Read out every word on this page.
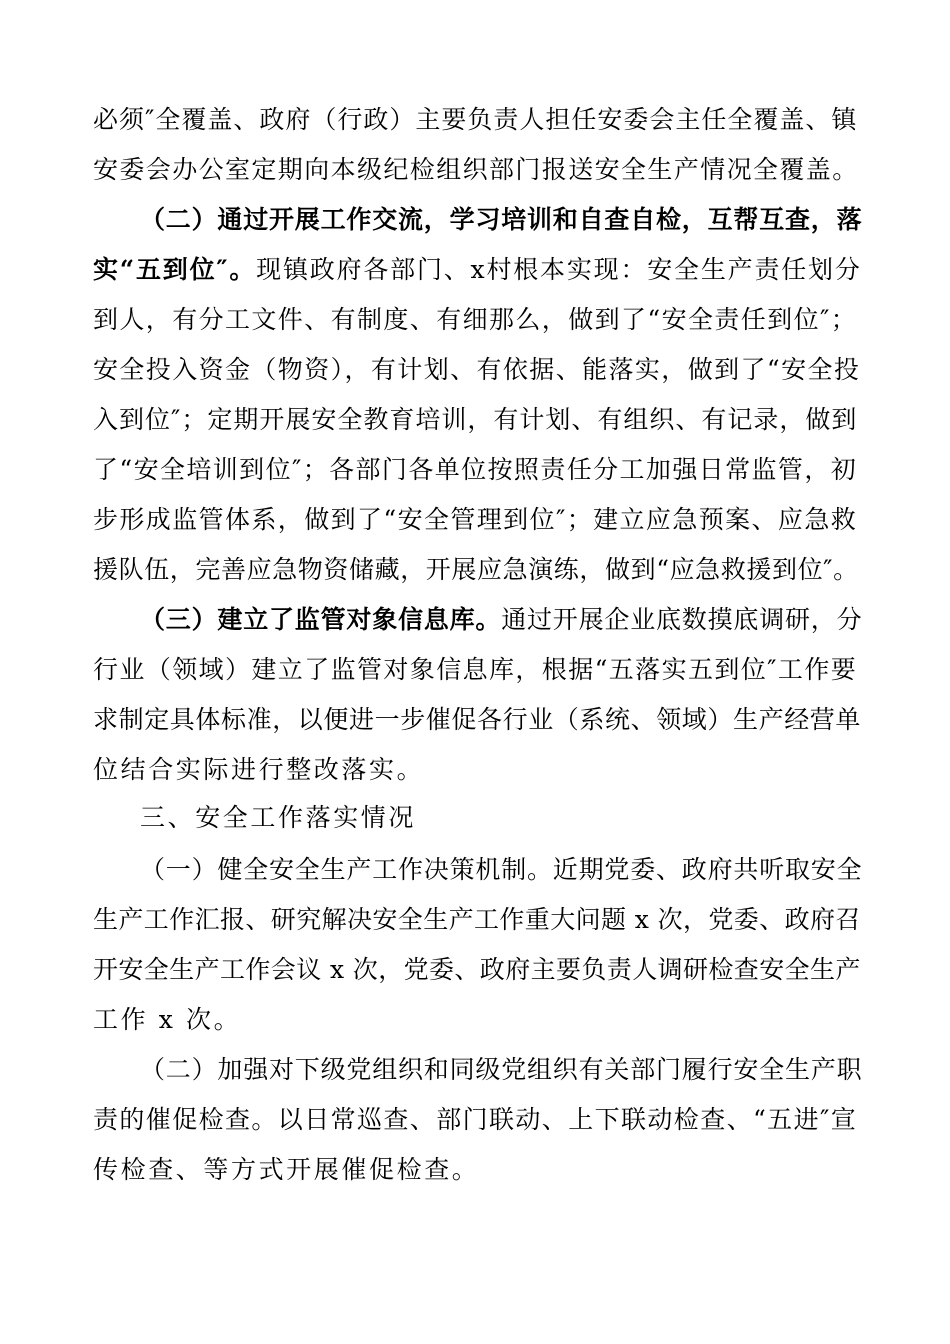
必须″全覆盖、政府（行政）主要负责人担任安委会主任全覆盖、镇
安委会办公室定期向本级纪检组织部门报送安全生产情况全覆盖。
（二）通过开展工作交流，学习培训和自查自检，互帮互查，落
实“五到位″。现镇政府各部门、x村根本实现：安全生产责任划分
到人，有分工文件、有制度、有细那么，做到了“安全责任到位″；
安全投入资金（物资），有计划、有依据、能落实，做到了“安全投
入到位″；定期开展安全教育培训，有计划、有组织、有记录，做到
了“安全培训到位″；各部门各单位按照责任分工加强日常监管，初
步形成监管体系，做到了“安全管理到位″；建立应急预案、应急救
援队伍，完善应急物资储藏，开展应急演练，做到“应急救援到位″。
（三）建立了监管对象信息库。通过开展企业底数摸底调研，分
行业（领域）建立了监管对象信息库，根据“五落实五到位″工作要
求制定具体标准，以便进一步催促各行业（系统、领域）生产经营单
位结合实际进行整改落实。
三、安全工作落实情况
（一）健全安全生产工作决策机制。近期党委、政府共听取安全
生产工作汇报、研究解决安全生产工作重大问题 x 次，党委、政府召
开安全生产工作会议 x 次，党委、政府主要负责人调研检查安全生产
工作 x 次。
（二）加强对下级党组织和同级党组织有关部门履行安全生产职
责的催促检查。以日常巡查、部门联动、上下联动检查、“五进″宣
传检查、等方式开展催促检查。
